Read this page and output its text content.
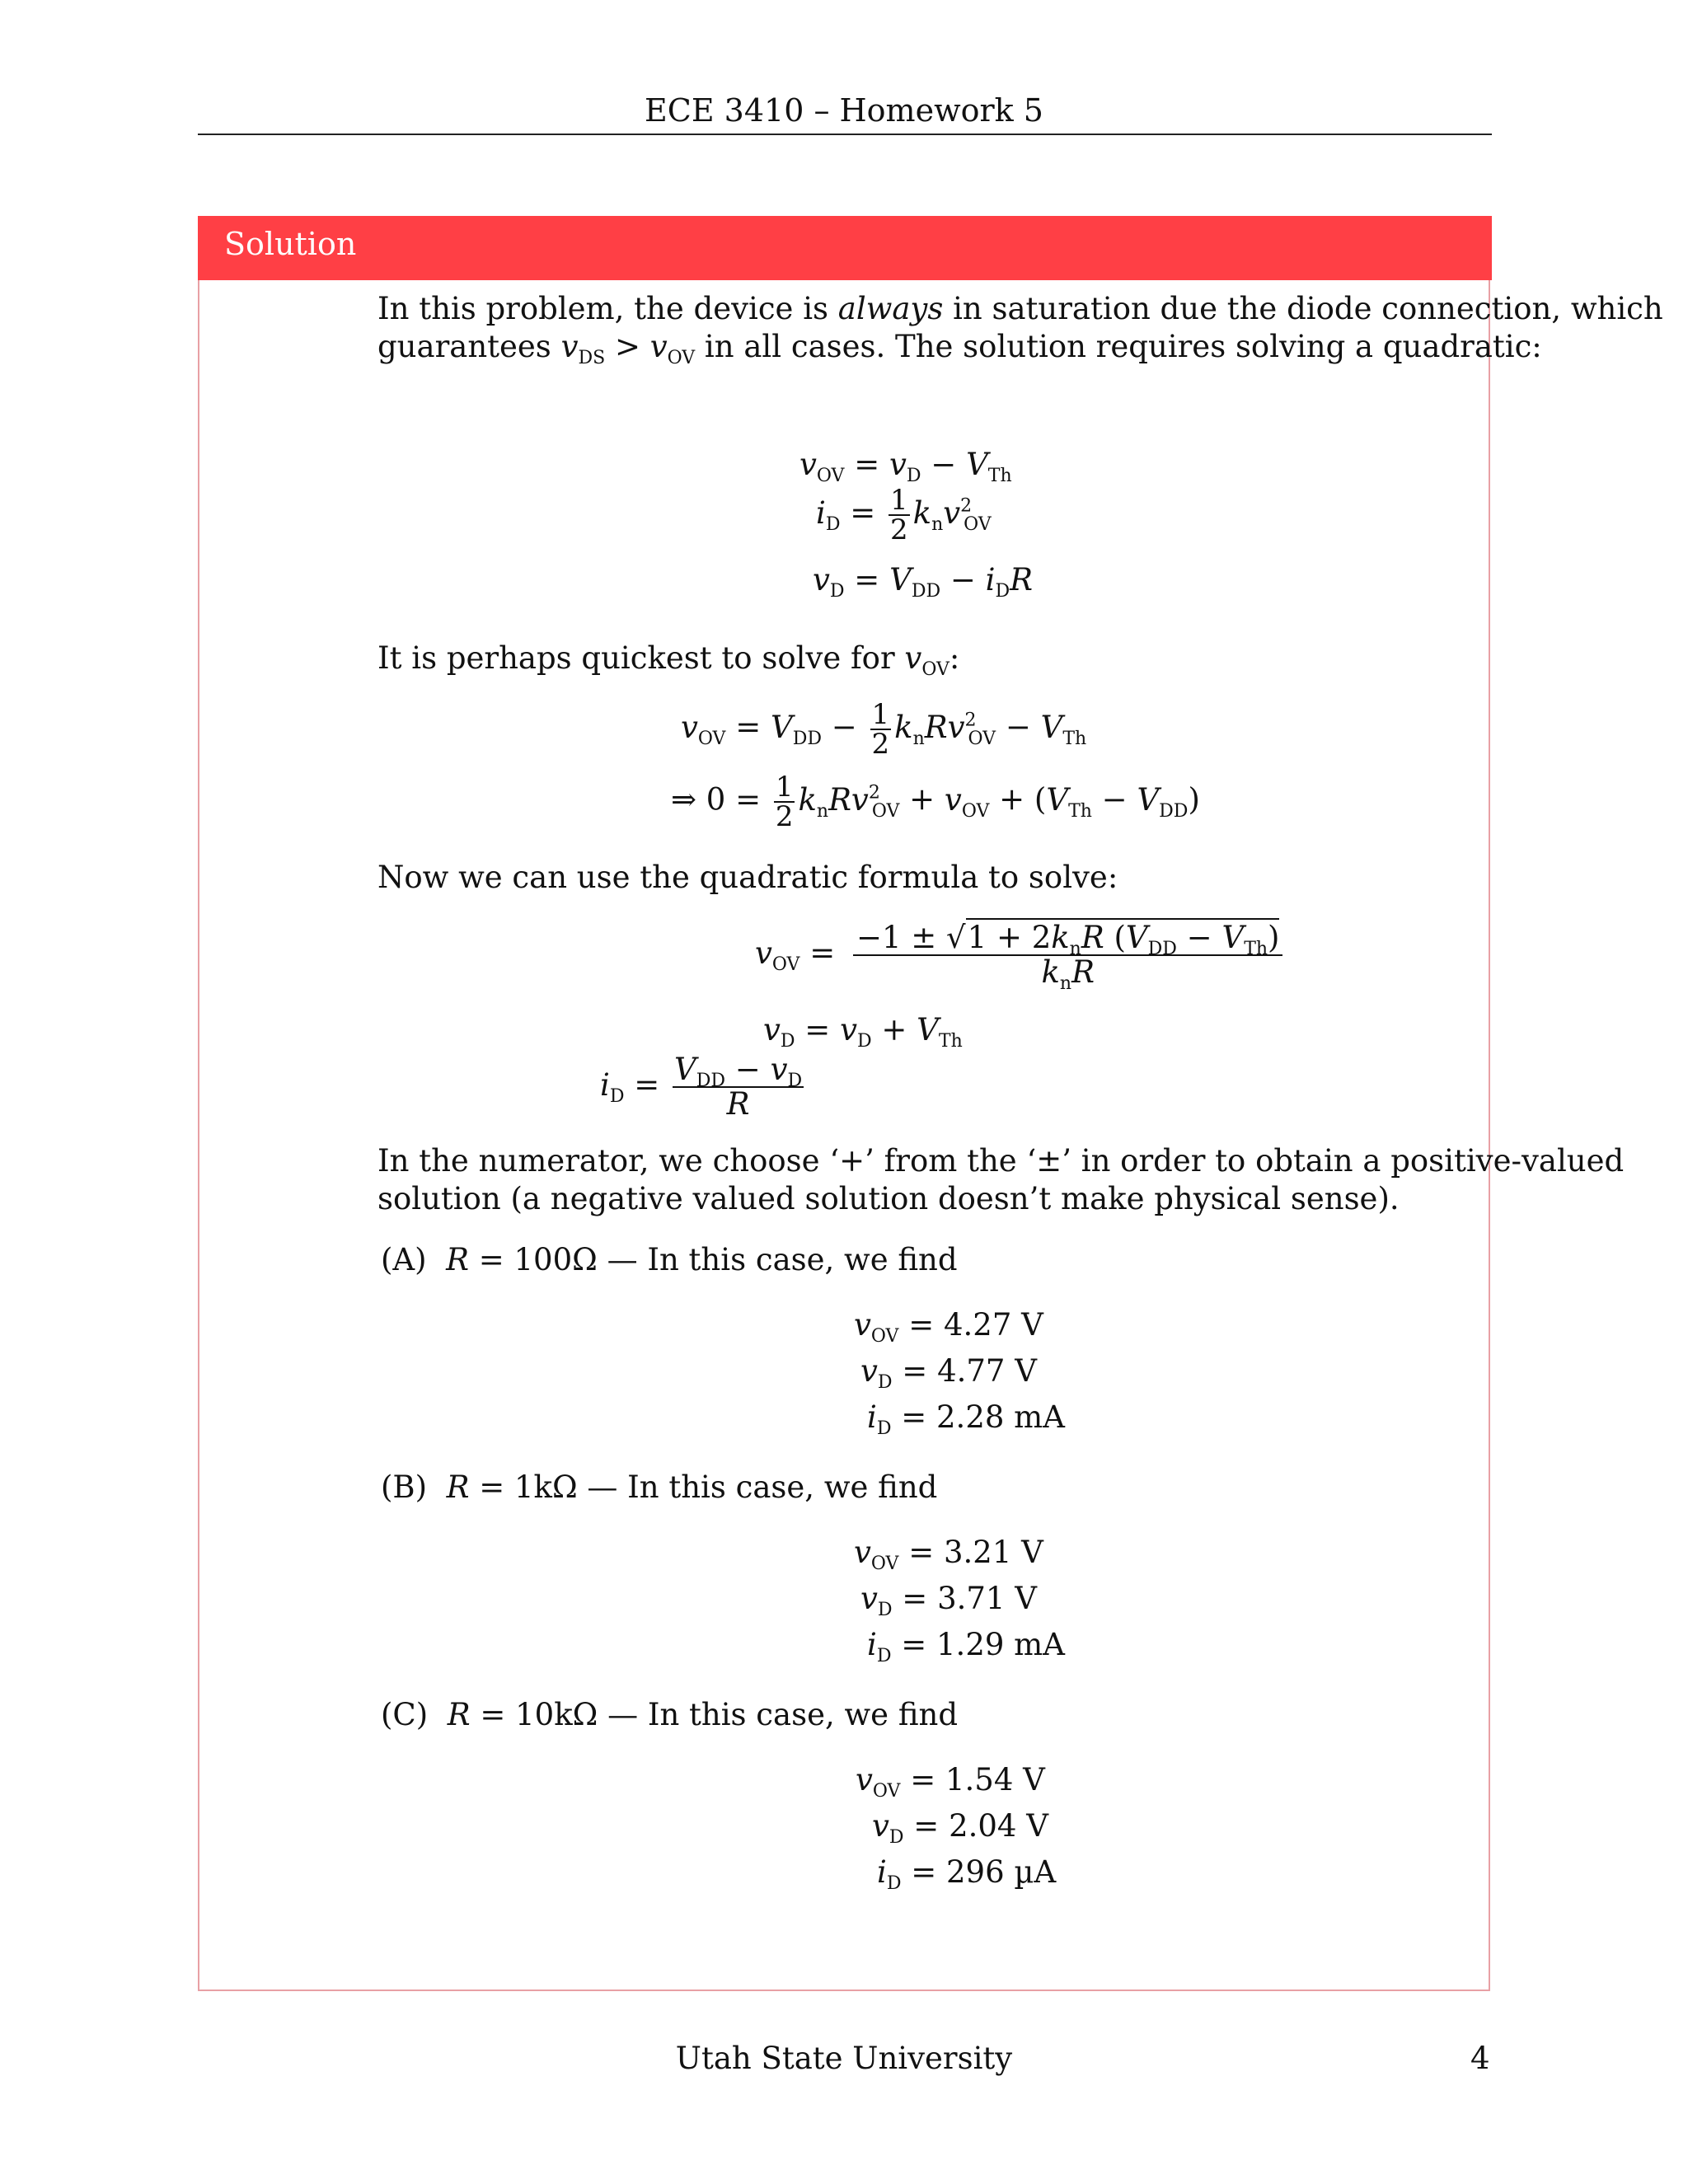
ECE 3410 – Homework 5
Solution
In this problem, the device is always in saturation due the diode connection, which
guarantees $v_{DS} > v_{OV}$ in all cases. The solution requires solving a quadratic:
$v_{OV} = v_D - V_{Th}$
$i_D = \frac{1}{2} k_nv^2_{OV}$
$v_D = V_{DD} - i_DR$
It is perhaps quickest to solve for $v_{OV}$:
$v_{OV} = V_{DD} - \frac{1}{2} k_nRv^2_{OV} - V_{Th}$
⇒ $0 = \frac{1}{2} k_nRv^2_{OV} + v_{OV} + (V_{Th} - V_{DD})$
Now we can use the quadratic formula to solve:
$v_{OV} = \frac{-1 \pm √1 + 2k_nR (V_{DD} - V_{Th})}{k_nR}$
$v_D = v_D + V_{Th}$
$i_D = \frac{V_{DD} - v_D}{R}$
In the numerator, we choose ‘+’ from the ‘±’ in order to obtain a positive-valued
solution (a negative valued solution doesn’t make physical sense).
(A) R = 100Ω — In this case, we find
$v_{OV} = 4.27$ V
$v_D = 4.77$ V
$i_D = 2.28$ mA
(B) R = 1kΩ — In this case, we find
$v_{OV} = 3.21$ V
$v_D = 3.71$ V
$i_D = 1.29$ mA
(C) R = 10kΩ — In this case, we find
$v_{OV} = 1.54$ V
$v_D = 2.04$ V
$i_D = 296$ µA
Utah State University	4
